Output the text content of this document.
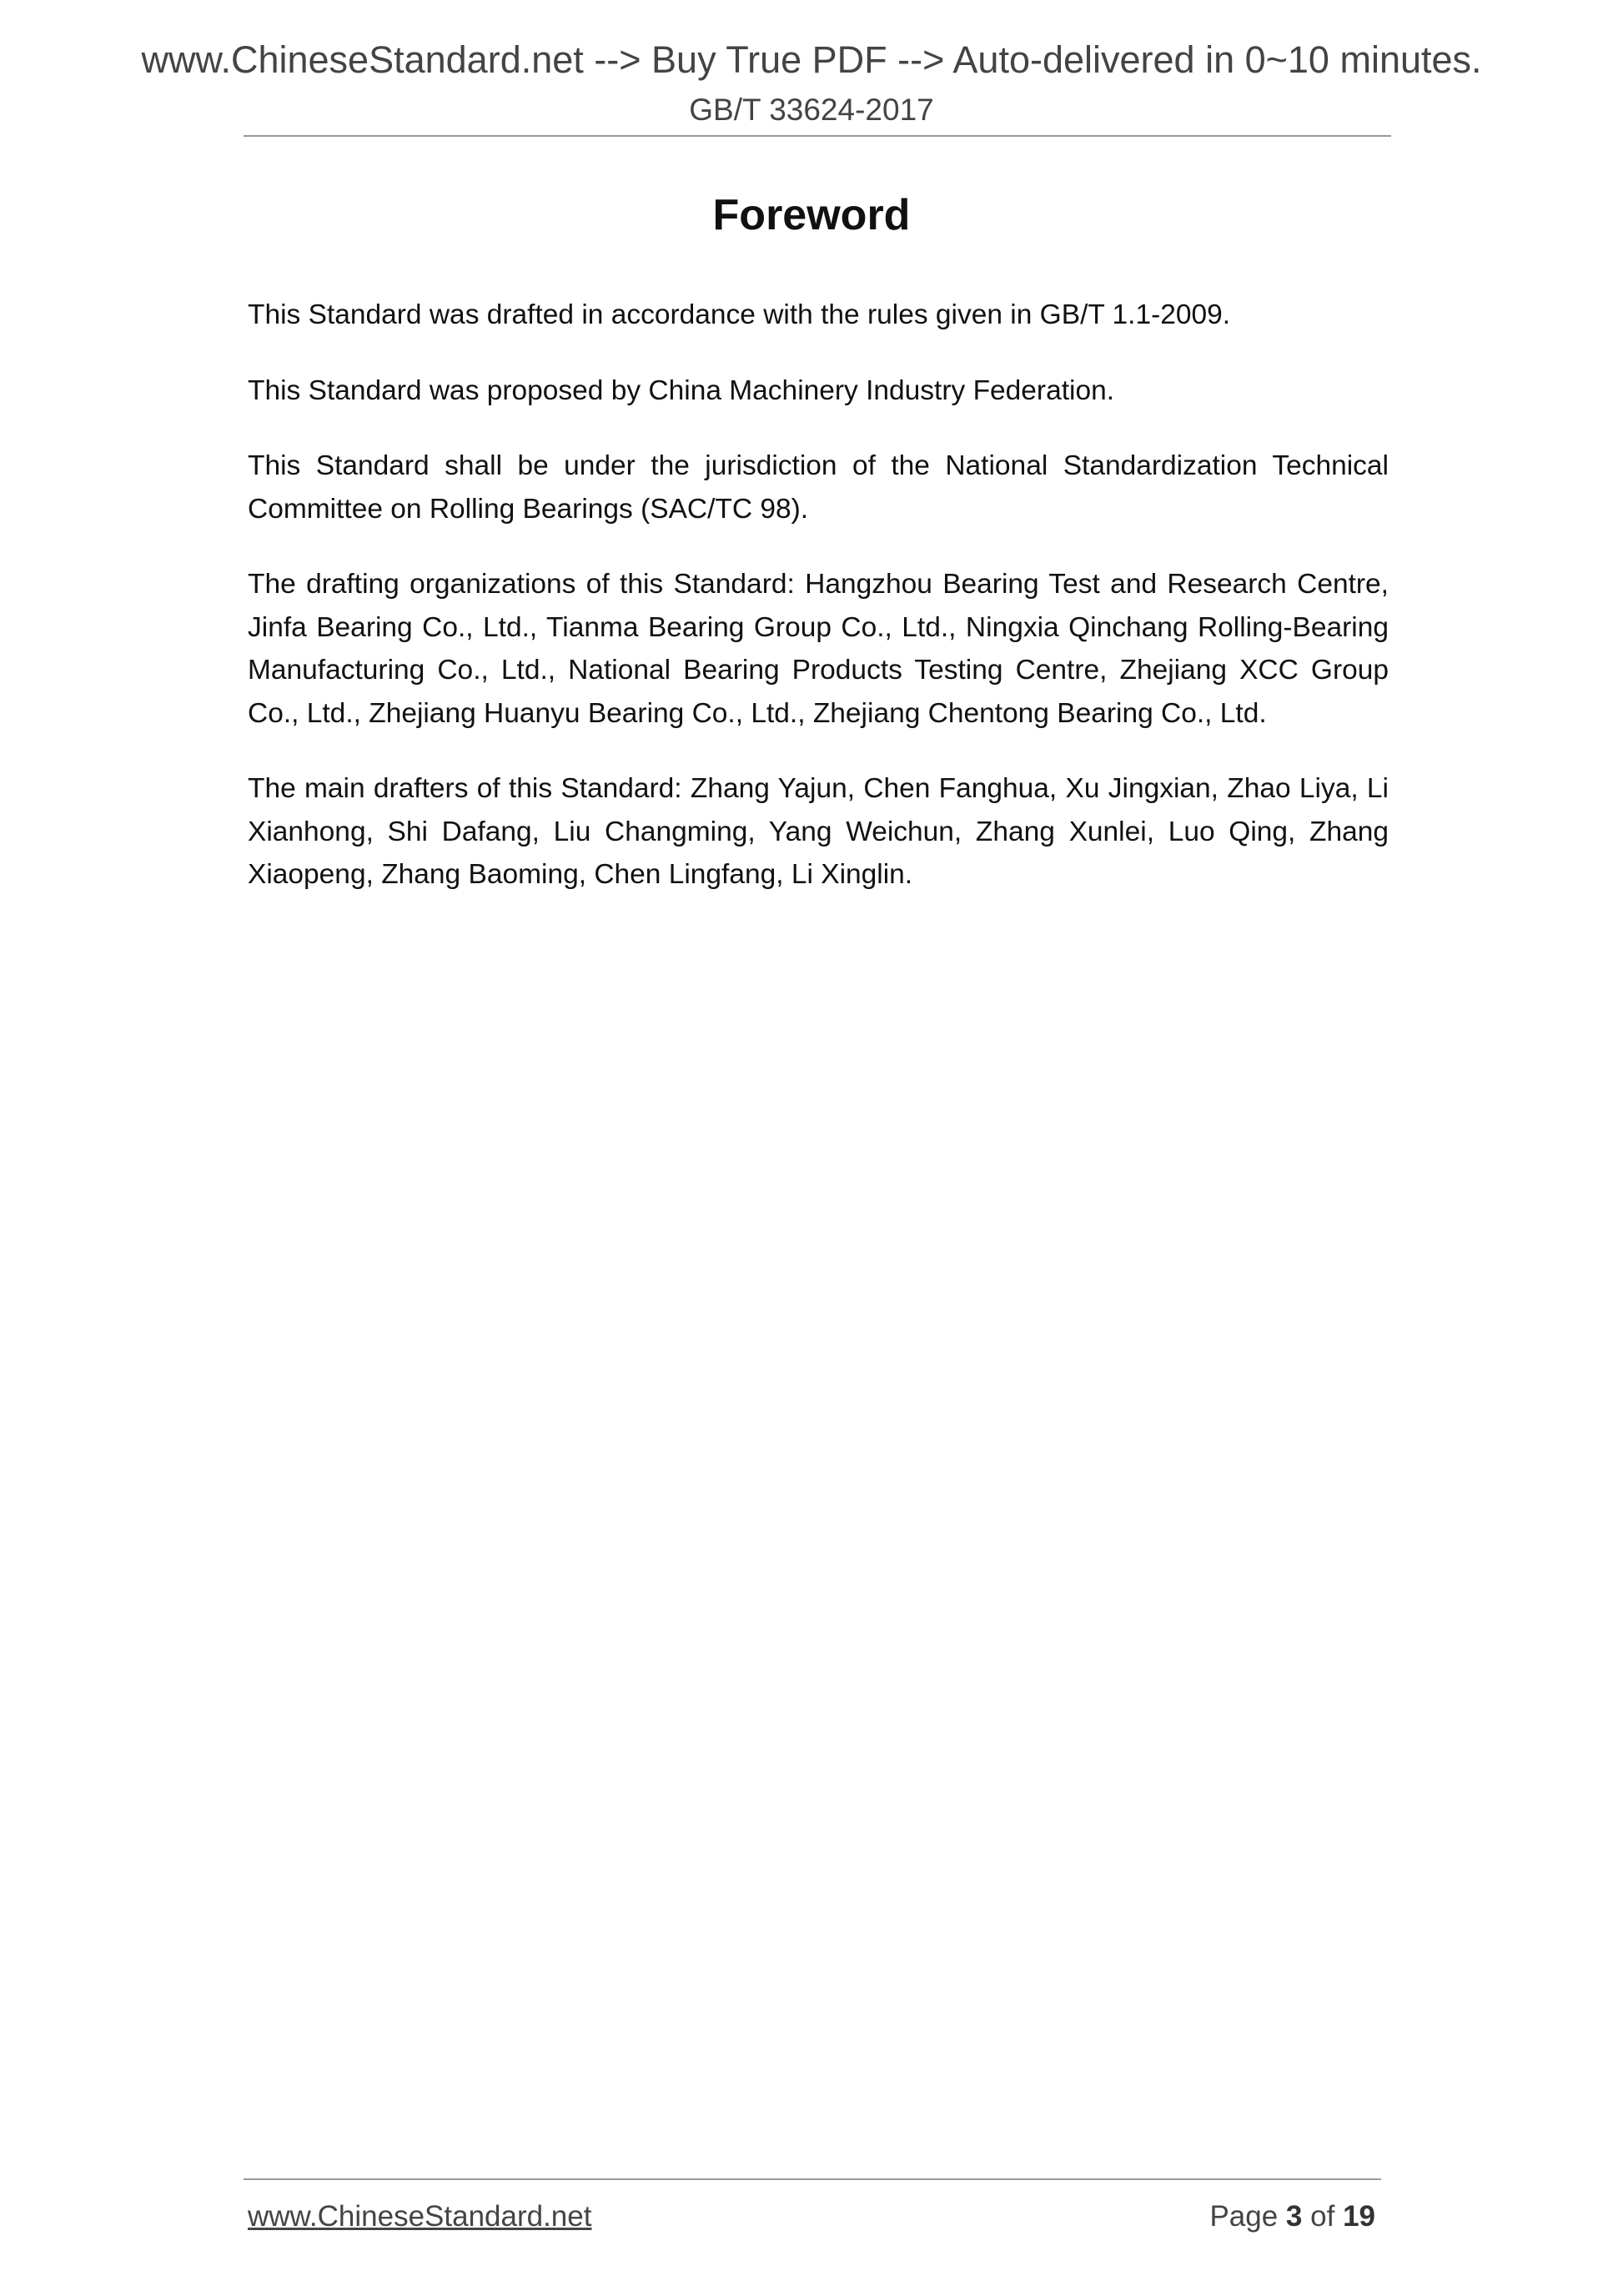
www.ChineseStandard.net --> Buy True PDF --> Auto-delivered in 0~10 minutes.
GB/T 33624-2017
Foreword

This Standard was drafted in accordance with the rules given in GB/T 1.1-2009.

This Standard was proposed by China Machinery Industry Federation.

This Standard shall be under the jurisdiction of the National Standardization Technical Committee on Rolling Bearings (SAC/TC 98).

The drafting organizations of this Standard: Hangzhou Bearing Test and Research Centre, Jinfa Bearing Co., Ltd., Tianma Bearing Group Co., Ltd., Ningxia Qinchang Rolling-Bearing Manufacturing Co., Ltd., National Bearing Products Testing Centre, Zhejiang XCC Group Co., Ltd., Zhejiang Huanyu Bearing Co., Ltd., Zhejiang Chentong Bearing Co., Ltd.

The main drafters of this Standard: Zhang Yajun, Chen Fanghua, Xu Jingxian, Zhao Liya, Li Xianhong, Shi Dafang, Liu Changming, Yang Weichun, Zhang Xunlei, Luo Qing, Zhang Xiaopeng, Zhang Baoming, Chen Lingfang, Li Xinglin.

www.ChineseStandard.net	Page 3 of 19
